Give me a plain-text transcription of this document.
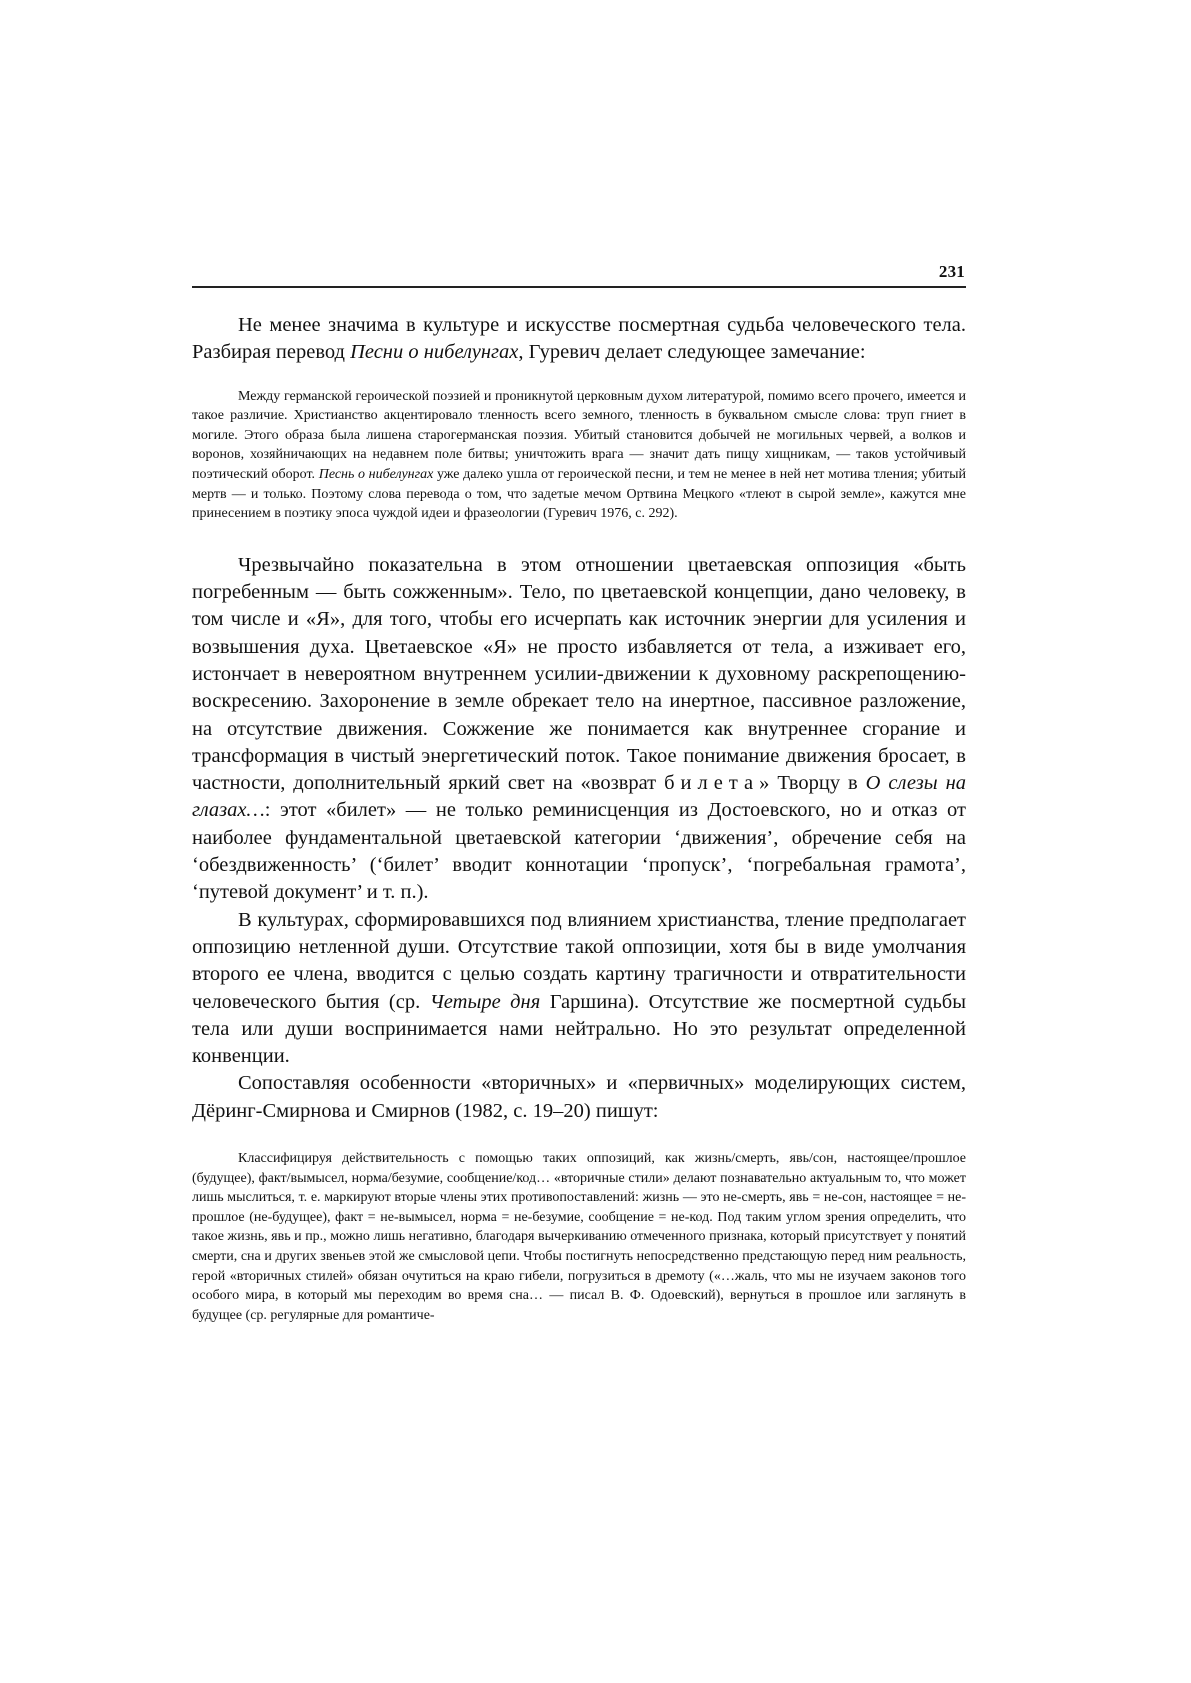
231

Не менее значима в культуре и искусстве посмертная судьба человеческого тела. Разбирая перевод Песни о нибелунгах, Гуревич делает следующее замечание:

Между германской героической поэзией и проникнутой церковным духом литературой, помимо всего прочего, имеется и такое различие. Христианство акцентировало тленность всего земного, тленность в буквальном смысле слова: труп гниет в могиле. Этого образа была лишена старогерманская поэзия. Убитый становится добычей не могильных червей, а волков и воронов, хозяйничающих на недавнем поле битвы; уничтожить врага — значит дать пищу хищникам, — таков устойчивый поэтический оборот. Песнь о нибелунгах уже далеко ушла от героической песни, и тем не менее в ней нет мотива тления; убитый мертв — и только. Поэтому слова перевода о том, что задетые мечом Ортвина Мецкого «тлеют в сырой земле», кажутся мне принесением в поэтику эпоса чуждой идеи и фразеологии (Гуревич 1976, с. 292).

Чрезвычайно показательна в этом отношении цветаевская оппозиция «быть погребенным — быть сожженным». Тело, по цветаевской концепции, дано человеку, в том числе и «Я», для того, чтобы его исчерпать как источник энергии для усиления и возвышения духа. Цветаевское «Я» не просто избавляется от тела, а изживает его, истончает в невероятном внутреннем усилии-движении к духовному раскрепощению-воскресению. Захоронение в земле обрекает тело на инертное, пассивное разложение, на отсутствие движения. Сожжение же понимается как внутреннее сгорание и трансформация в чистый энергетический поток. Такое понимание движения бросает, в частности, дополнительный яркий свет на «возврат билета» Творцу в О слезы на глазах…: этот «билет» — не только реминисценция из Достоевского, но и отказ от наиболее фундаментальной цветаевской категории ‘движения’, обречение себя на ‘обездвиженность’ (‘билет’ вводит коннотации ‘пропуск’, ‘погребальная грамота’, ‘путевой документ’ и т. п.).

В культурах, сформировавшихся под влиянием христианства, тление предполагает оппозицию нетленной души. Отсутствие такой оппозиции, хотя бы в виде умолчания второго ее члена, вводится с целью создать картину трагичности и отвратительности человеческого бытия (ср. Четыре дня Гаршина). Отсутствие же посмертной судьбы тела или души воспринимается нами нейтрально. Но это результат определенной конвенции.

Сопоставляя особенности «вторичных» и «первичных» моделирующих систем, Дёринг-Смирнова и Смирнов (1982, с. 19–20) пишут:

Классифицируя действительность с помощью таких оппозиций, как жизнь/смерть, явь/сон, настоящее/прошлое (будущее), факт/вымысел, норма/безумие, сообщение/код… «вторичные стили» делают познавательно актуальным то, что может лишь мыслиться, т. е. маркируют вторые члены этих противопоставлений: жизнь — это не-смерть, явь = не-сон, настоящее = не-прошлое (не-будущее), факт = не-вымысел, норма = не-безумие, сообщение = не-код. Под таким углом зрения определить, что такое жизнь, явь и пр., можно лишь негативно, благодаря вычеркиванию отмеченного признака, который присутствует у понятий смерти, сна и других звеньев этой же смысловой цепи. Чтобы постигнуть непосредственно предстающую перед ним реальность, герой «вторичных стилей» обязан очутиться на краю гибели, погрузиться в дремоту («…жаль, что мы не изучаем законов того особого мира, в который мы переходим во время сна… — писал В. Ф. Одоевский), вернуться в прошлое или заглянуть в будущее (ср. регулярные для романтиче-
